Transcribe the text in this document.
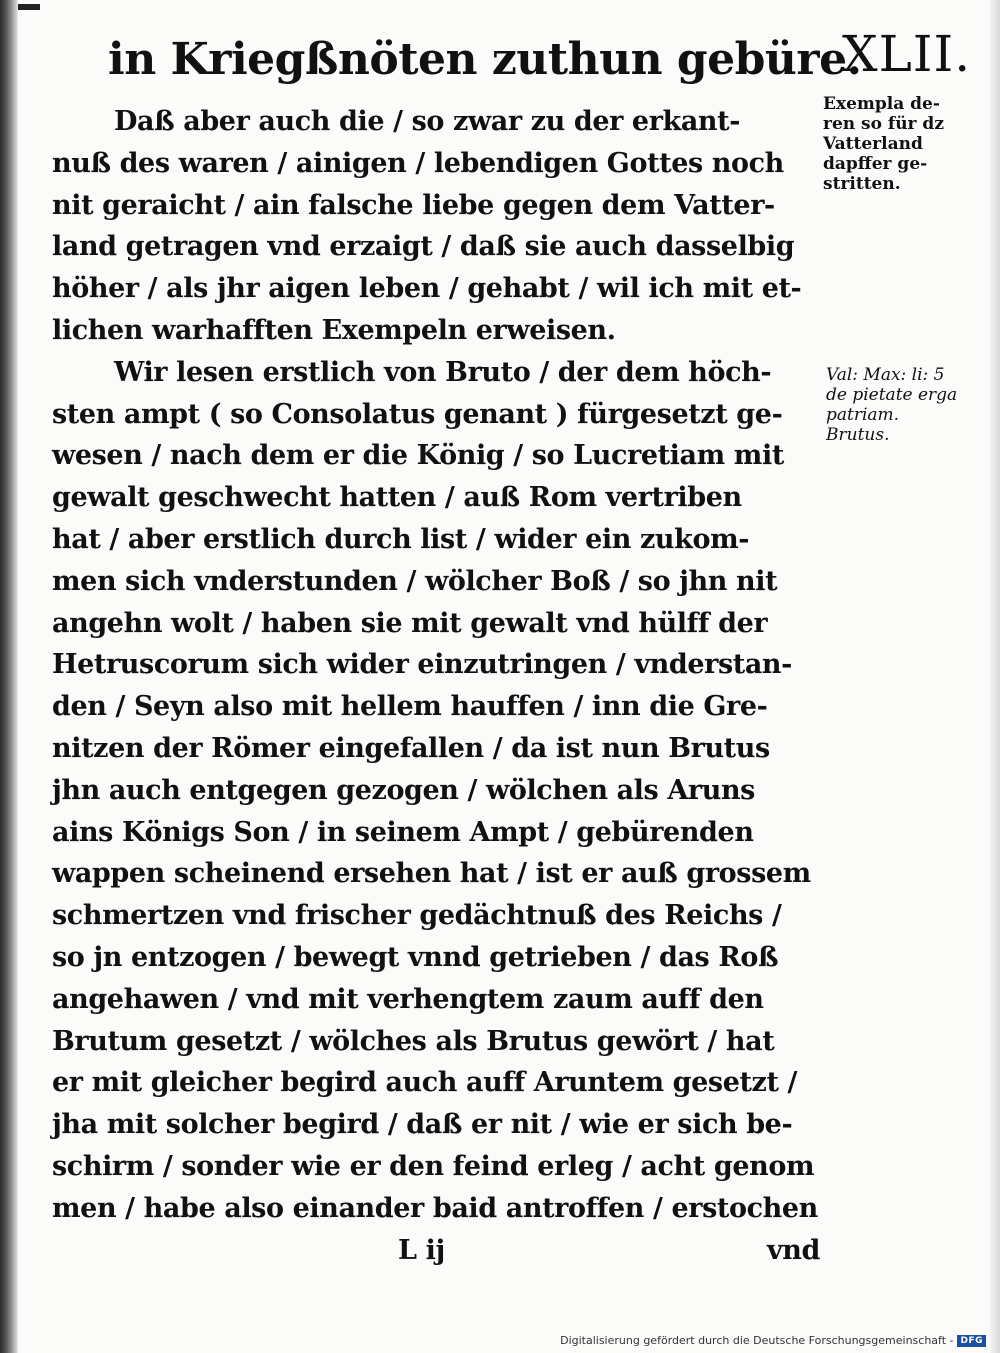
in Kriegßnöten zuthun gebüre.
XLII.
Daß aber auch die / so zwar zu der erkant-
nuß des waren / ainigen / lebendigen Gottes noch
nit geraicht / ain falsche liebe gegen dem Vatter-
land getragen vnd erzaigt / daß sie auch dasselbig
höher / als jhr aigen leben / gehabt / wil ich mit et-
lichen warhafften Exempeln erweisen.
Wir lesen erstlich von Bruto / der dem höch-
sten ampt ( so Consolatus genant ) fürgesetzt ge-
wesen / nach dem er die König / so Lucretiam mit
gewalt geschwecht hatten / auß Rom vertriben
hat / aber erstlich durch list / wider ein zukom-
men sich vnderstunden / wölcher Boß / so jhn nit
angehn wolt / haben sie mit gewalt vnd hülff der
Hetruscorum sich wider einzutringen / vnderstan-
den / Seyn also mit hellem hauffen / inn die Gre-
nitzen der Römer eingefallen / da ist nun Brutus
jhn auch entgegen gezogen / wölchen als Aruns
ains Königs Son / in seinem Ampt / gebürenden
wappen scheinend ersehen hat / ist er auß grossem
schmertzen vnd frischer gedächtnuß des Reichs /
so jn entzogen / bewegt vnnd getrieben / das Roß
angehawen / vnd mit verhengtem zaum auff den
Brutum gesetzt / wölches als Brutus gewört / hat
er mit gleicher begird auch auff Aruntem gesetzt /
jha mit solcher begird / daß er nit / wie er sich be-
schirm / sonder wie er den feind erleg / acht genom
men / habe also einander baid antroffen / erstochen
L ij	vnd
Exempla de-
ren so für dz
Vatterland
dapffer ge-
stritten.
Val: Max: li: 5
de pietate erga
patriam.
Brutus.
Digitalisierung gefördert durch die Deutsche Forschungsgemeinschaft - DFG
